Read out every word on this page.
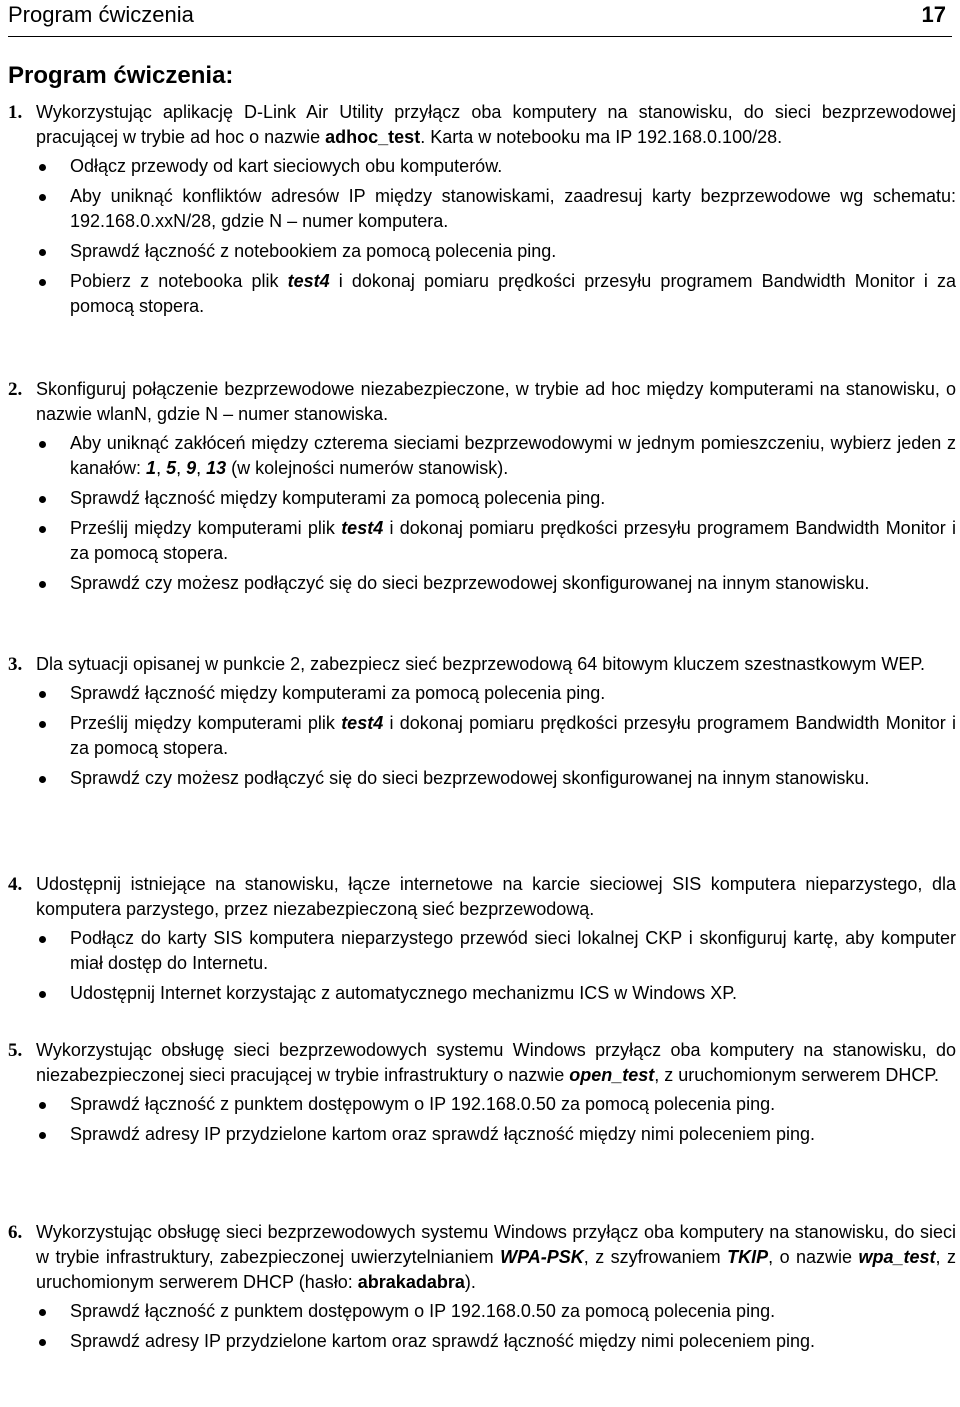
Program ćwiczenia	17
Program ćwiczenia:
1. Wykorzystując aplikację D-Link Air Utility przyłącz oba komputery na stanowisku, do sieci bezprzewodowej pracującej w trybie ad hoc o nazwie adhoc_test. Karta w notebooku ma IP 192.168.0.100/28.
Odłącz przewody od kart sieciowych obu komputerów.
Aby uniknąć konfliktów adresów IP między stanowiskami, zaadresuj karty bezprzewodowe wg schematu: 192.168.0.xxN/28, gdzie N – numer komputera.
Sprawdź łączność z notebookiem za pomocą polecenia ping.
Pobierz z notebooka plik test4 i dokonaj pomiaru prędkości przesyłu programem Bandwidth Monitor i za pomocą stopera.
2. Skonfiguruj połączenie bezprzewodowe niezabezpieczone, w trybie ad hoc między komputerami na stanowisku, o nazwie wlanN, gdzie N – numer stanowiska.
Aby uniknąć zakłóceń między czterema sieciami bezprzewodowymi w jednym pomieszczeniu, wybierz jeden z kanałów: 1, 5, 9, 13 (w kolejności numerów stanowisk).
Sprawdź łączność między komputerami za pomocą polecenia ping.
Prześlij między komputerami plik test4 i dokonaj pomiaru prędkości przesyłu programem Bandwidth Monitor i za pomocą stopera.
Sprawdź czy możesz podłączyć się do sieci bezprzewodowej skonfigurowanej na innym stanowisku.
3. Dla sytuacji opisanej w punkcie 2, zabezpiecz sieć bezprzewodową 64 bitowym kluczem szestnastkowym WEP.
Sprawdź łączność między komputerami za pomocą polecenia ping.
Prześlij między komputerami plik test4 i dokonaj pomiaru prędkości przesyłu programem Bandwidth Monitor i za pomocą stopera.
Sprawdź czy możesz podłączyć się do sieci bezprzewodowej skonfigurowanej na innym stanowisku.
4. Udostępnij istniejące na stanowisku, łącze internetowe na karcie sieciowej SIS komputera nieparzystego, dla komputera parzystego, przez niezabezpieczoną sieć bezprzewodową.
Podłącz do karty SIS komputera nieparzystego przewód sieci lokalnej CKP i skonfiguruj kartę, aby komputer miał dostęp do Internetu.
Udostępnij Internet korzystając z automatycznego mechanizmu ICS w Windows XP.
5. Wykorzystując obsługę sieci bezprzewodowych systemu Windows przyłącz oba komputery na stanowisku, do niezabezpieczonej sieci pracującej w trybie infrastruktury o nazwie open_test, z uruchomionym serwerem DHCP.
Sprawdź łączność z punktem dostępowym o IP 192.168.0.50 za pomocą polecenia ping.
Sprawdź adresy IP przydzielone kartom oraz sprawdź łączność między nimi poleceniem ping.
6. Wykorzystując obsługę sieci bezprzewodowych systemu Windows przyłącz oba komputery na stanowisku, do sieci w trybie infrastruktury, zabezpieczonej uwierzytelnianiem WPA-PSK, z szyfrowaniem TKIP, o nazwie wpa_test, z uruchomionym serwerem DHCP (hasło: abrakadabra).
Sprawdź łączność z punktem dostępowym o IP 192.168.0.50 za pomocą polecenia ping.
Sprawdź adresy IP przydzielone kartom oraz sprawdź łączność między nimi poleceniem ping.
